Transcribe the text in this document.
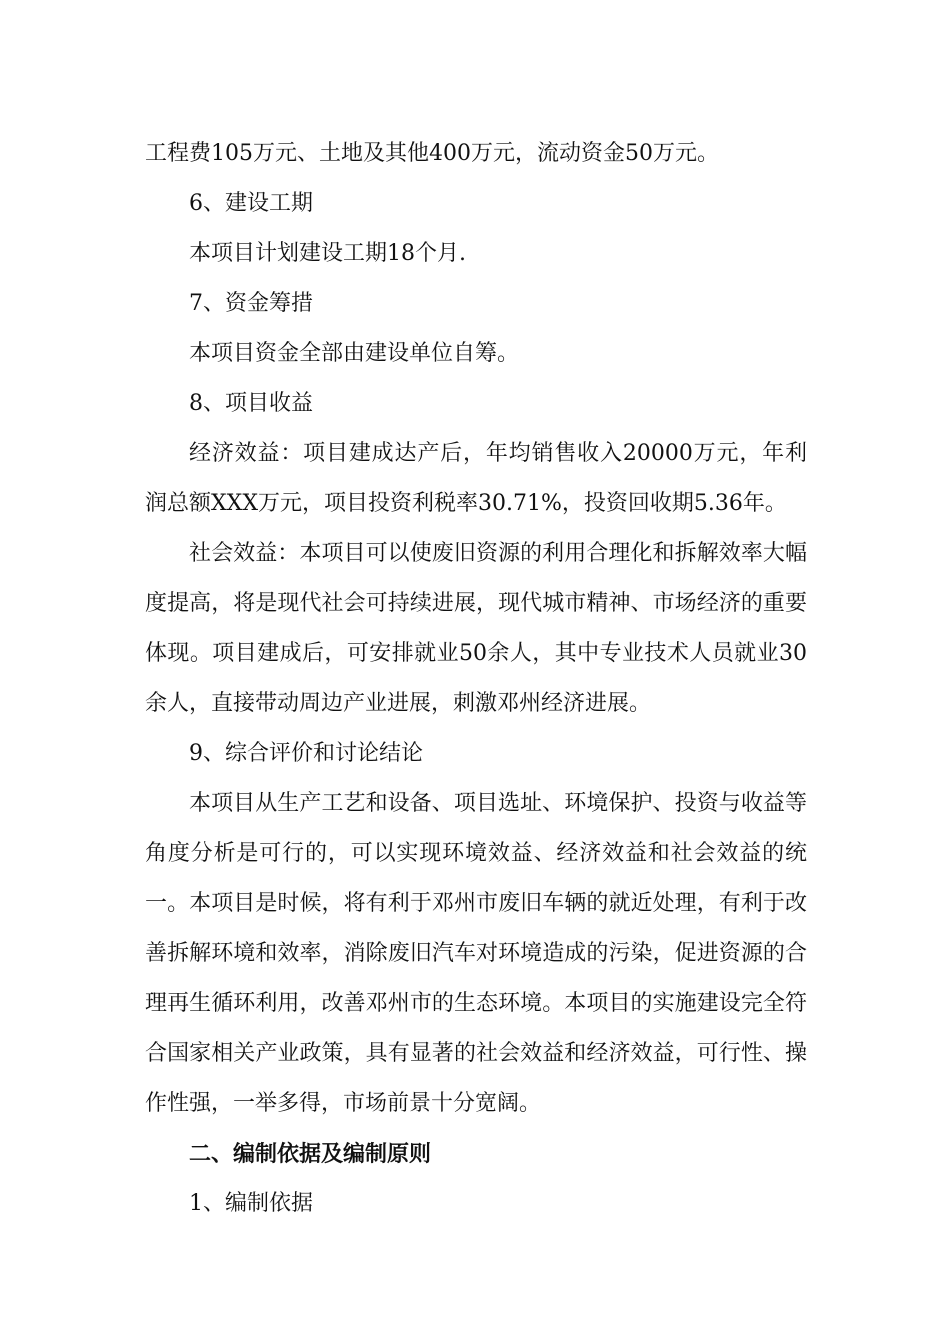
工程费105万元、土地及其他400万元，流动资金50万元。

6、建设工期

本项目计划建设工期18个月.

7、资金筹措

本项目资金全部由建设单位自筹。

8、项目收益

经济效益：项目建成达产后，年均销售收入20000万元，年利润总额XXX万元，项目投资利税率30.71%，投资回收期5.36年。

社会效益：本项目可以使废旧资源的利用合理化和拆解效率大幅度提高，将是现代社会可持续进展，现代城市精神、市场经济的重要体现。项目建成后，可安排就业50余人，其中专业技术人员就业30余人，直接带动周边产业进展，刺激邓州经济进展。

9、综合评价和讨论结论

本项目从生产工艺和设备、项目选址、环境保护、投资与收益等角度分析是可行的，可以实现环境效益、经济效益和社会效益的统一。本项目是时候，将有利于邓州市废旧车辆的就近处理，有利于改善拆解环境和效率，消除废旧汽车对环境造成的污染，促进资源的合理再生循环利用，改善邓州市的生态环境。本项目的实施建设完全符合国家相关产业政策，具有显著的社会效益和经济效益，可行性、操作性强，一举多得，市场前景十分宽阔。

二、编制依据及编制原则

1、编制依据
